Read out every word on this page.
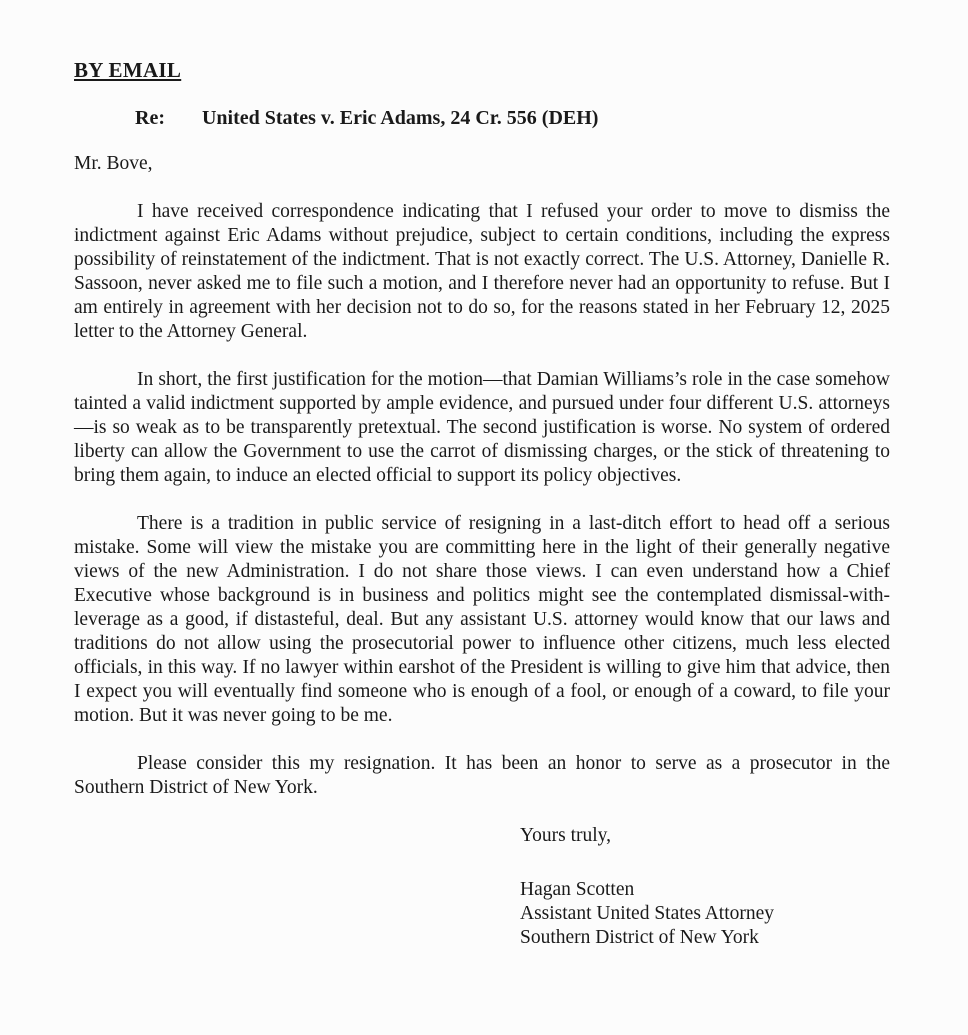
BY EMAIL
Re: United States v. Eric Adams, 24 Cr. 556 (DEH)
Mr. Bove,

I have received correspondence indicating that I refused your order to move to dismiss the indictment against Eric Adams without prejudice, subject to certain conditions, including the express possibility of reinstatement of the indictment. That is not exactly correct. The U.S. Attorney, Danielle R. Sassoon, never asked me to file such a motion, and I therefore never had an opportunity to refuse. But I am entirely in agreement with her decision not to do so, for the reasons stated in her February 12, 2025 letter to the Attorney General.

In short, the first justification for the motion—that Damian Williams’s role in the case somehow tainted a valid indictment supported by ample evidence, and pursued under four different U.S. attorneys—is so weak as to be transparently pretextual. The second justification is worse. No system of ordered liberty can allow the Government to use the carrot of dismissing charges, or the stick of threatening to bring them again, to induce an elected official to support its policy objectives.

There is a tradition in public service of resigning in a last-ditch effort to head off a serious mistake. Some will view the mistake you are committing here in the light of their generally negative views of the new Administration. I do not share those views. I can even understand how a Chief Executive whose background is in business and politics might see the contemplated dismissal-with-leverage as a good, if distasteful, deal. But any assistant U.S. attorney would know that our laws and traditions do not allow using the prosecutorial power to influence other citizens, much less elected officials, in this way. If no lawyer within earshot of the President is willing to give him that advice, then I expect you will eventually find someone who is enough of a fool, or enough of a coward, to file your motion. But it was never going to be me.

Please consider this my resignation. It has been an honor to serve as a prosecutor in the Southern District of New York.

Yours truly,
Hagan Scotten
Assistant United States Attorney
Southern District of New York
